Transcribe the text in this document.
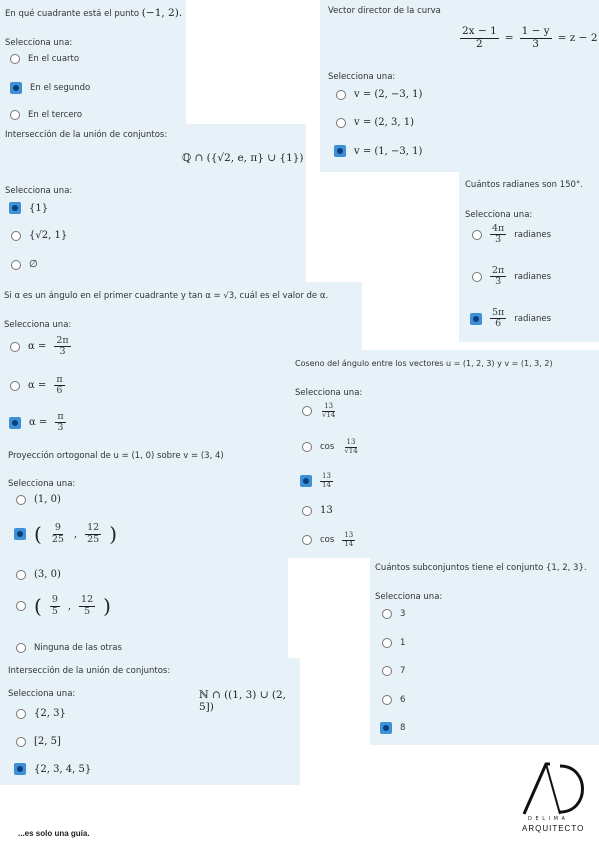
En qué cuadrante está el punto (−1, 2).
Selecciona una:
En el cuarto
En el segundo
En el tercero
Vector director de la curva
$\frac{2x - 1}{2} = \frac{1 - y}{3} = z - 2$
Selecciona una:
v = (2, −3, 1)
v = (2, 3, 1)
v = (1, −3, 1)
Intersección de la unión de conjuntos:
ℚ ∩ ({√2, e, π} ∪ {1})
Selecciona una:
{1}
{√2, 1}
∅
Cuántos radianes son 150°.
Selecciona una:
$\frac{4\pi}{3}$ radianes
$\frac{2\pi}{3}$ radianes
$\frac{5\pi}{6}$ radianes
Si α es un ángulo en el primer cuadrante y tan α = √3, cuál es el valor de α.
Selecciona una:
$\alpha = \frac{2\pi}{3}$
$\alpha = \frac{\pi}{6}$
$\alpha = \frac{\pi}{3}$
Coseno del ángulo entre los vectores u = (1, 2, 3) y v = (1, 3, 2)
Selecciona una:
$\frac{13}{√14}$
$\cos \frac{13}{√14}$
$\frac{13}{14}$
13
$\cos \frac{13}{14}$
Proyección ortogonal de u = (1, 0) sobre v = (3, 4)
Selecciona una:
(1, 0)
( $\frac{9}{25}$ , $\frac{12}{25}$ )
(3, 0)
( $\frac{9}{5}$ , $\frac{12}{5}$ )
Ninguna de las otras
Cuántos subconjuntos tiene el conjunto {1, 2, 3}.
Selecciona una:
3
1
7
6
8
Intersección de la unión de conjuntos:
ℕ ∩ ((1, 3) ∪ (2, 5])
Selecciona una:
{2, 3}
[2, 5]
{2, 3, 4, 5}
D E L I M A
ARQUITECTO
...es solo una guía.
